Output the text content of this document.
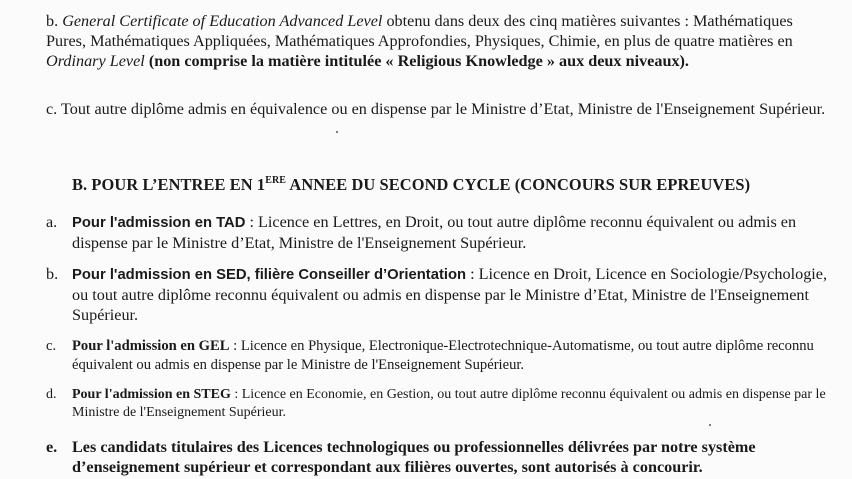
b. General Certificate of Education Advanced Level obtenu dans deux des cinq matières suivantes : Mathématiques Pures, Mathématiques Appliquées, Mathématiques Approfondies, Physiques, Chimie, en plus de quatre matières en Ordinary Level (non comprise la matière intitulée « Religious Knowledge » aux deux niveaux).

c. Tout autre diplôme admis en équivalence ou en dispense par le Ministre d’Etat, Ministre de l'Enseignement Supérieur.

B. POUR L’ENTREE EN 1ERE ANNEE DU SECOND CYCLE (CONCOURS SUR EPREUVES)
a. Pour l'admission en TAD : Licence en Lettres, en Droit, ou tout autre diplôme reconnu équivalent ou admis en dispense par le Ministre d’Etat, Ministre de l'Enseignement Supérieur.
b. Pour l'admission en SED, filière Conseiller d’Orientation : Licence en Droit, Licence en Sociologie/Psychologie, ou tout autre diplôme reconnu équivalent ou admis en dispense par le Ministre d’Etat, Ministre de l'Enseignement Supérieur.
c. Pour l'admission en GEL : Licence en Physique, Electronique-Electrotechnique-Automatisme, ou tout autre diplôme reconnu équivalent ou admis en dispense par le Ministre de l'Enseignement Supérieur.
d. Pour l'admission en STEG : Licence en Economie, en Gestion, ou tout autre diplôme reconnu équivalent ou admis en dispense par le Ministre de l'Enseignement Supérieur.
e. Les candidats titulaires des Licences technologiques ou professionnelles délivrées par notre système d’enseignement supérieur et correspondant aux filières ouvertes, sont autorisés à concourir.
